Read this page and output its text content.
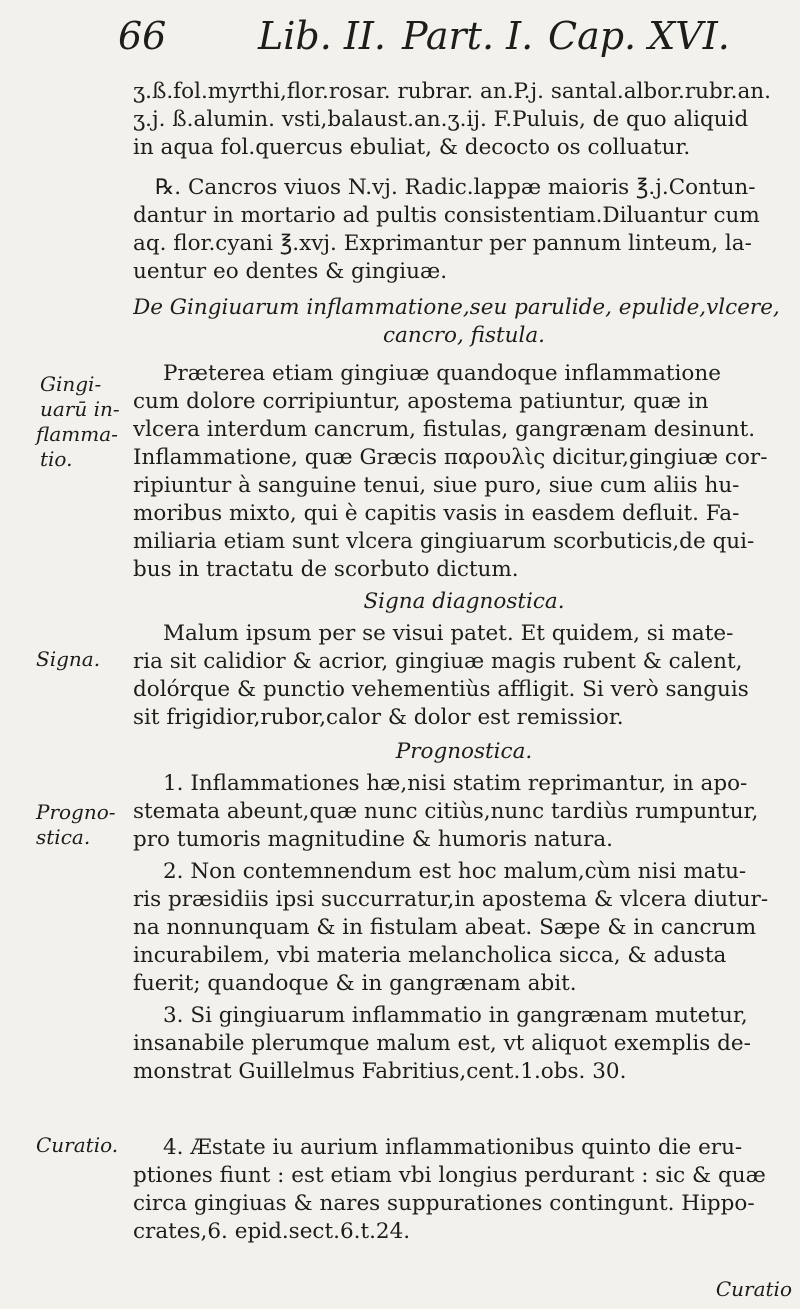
66 Lib. II. Part. I. Cap. XVI.
Gingi-
uarū in-
flamma-
tio.
Signa.
Progno-
stica.
Curatio.
ʒ.ß.fol.myrthi,flor.rosar. rubrar. an.P.j. santal.albor.rubr.an.
ʒ.j. ß.alumin. vsti,balaust.an.ʒ.ij. F.Puluis, de quo aliquid
in aqua fol.quercus ebuliat, & decocto os colluatur.
℞. Cancros viuos N.vj. Radic.lappæ maioris ℥.j.Contun-
dantur in mortario ad pultis consistentiam.Diluantur cum
aq. flor.cyani ℥.xvj. Exprimantur per pannum linteum, la-
uentur eo dentes & gingiuæ.
De Gingiuarum inflammatione,seu parulide, epulide,vlcere,
cancro, fistula.
Præterea etiam gingiuæ quandoque inflammatione
cum dolore corripiuntur, apostema patiuntur, quæ in
vlcera interdum cancrum, fistulas, gangrænam desinunt.
Inflammatione, quæ Græcis παρουλὶς dicitur,gingiuæ cor-
ripiuntur à sanguine tenui, siue puro, siue cum aliis hu-
moribus mixto, qui è capitis vasis in easdem defluit. Fa-
miliaria etiam sunt vlcera gingiuarum scorbuticis,de qui-
bus in tractatu de scorbuto dictum.
Signa diagnostica.
Malum ipsum per se visui patet. Et quidem, si mate-
ria sit calidior & acrior, gingiuæ magis rubent & calent,
dolórque & punctio vehementiùs affligit. Si verò sanguis
sit frigidior,rubor,calor & dolor est remissior.
Prognostica.
1. Inflammationes hæ,nisi statim reprimantur, in apo-
stemata abeunt,quæ nunc citiùs,nunc tardiùs rumpuntur,
pro tumoris magnitudine & humoris natura.
2. Non contemnendum est hoc malum,cùm nisi matu-
ris præsidiis ipsi succurratur,in apostema & vlcera diutur-
na nonnunquam & in fistulam abeat. Sæpe & in cancrum
incurabilem, vbi materia melancholica sicca, & adusta
fuerit; quandoque & in gangrænam abit.
3. Si gingiuarum inflammatio in gangrænam mutetur,
insanabile plerumque malum est, vt aliquot exemplis de-
monstrat Guillelmus Fabritius,cent.1.obs. 30.
4. Æstate iu aurium inflammationibus quinto die eru-
ptiones fiunt : est etiam vbi longius perdurant : sic & quæ
circa gingiuas & nares suppurationes contingunt. Hippo-
crates,6. epid.sect.6.t.24.
Curatio
